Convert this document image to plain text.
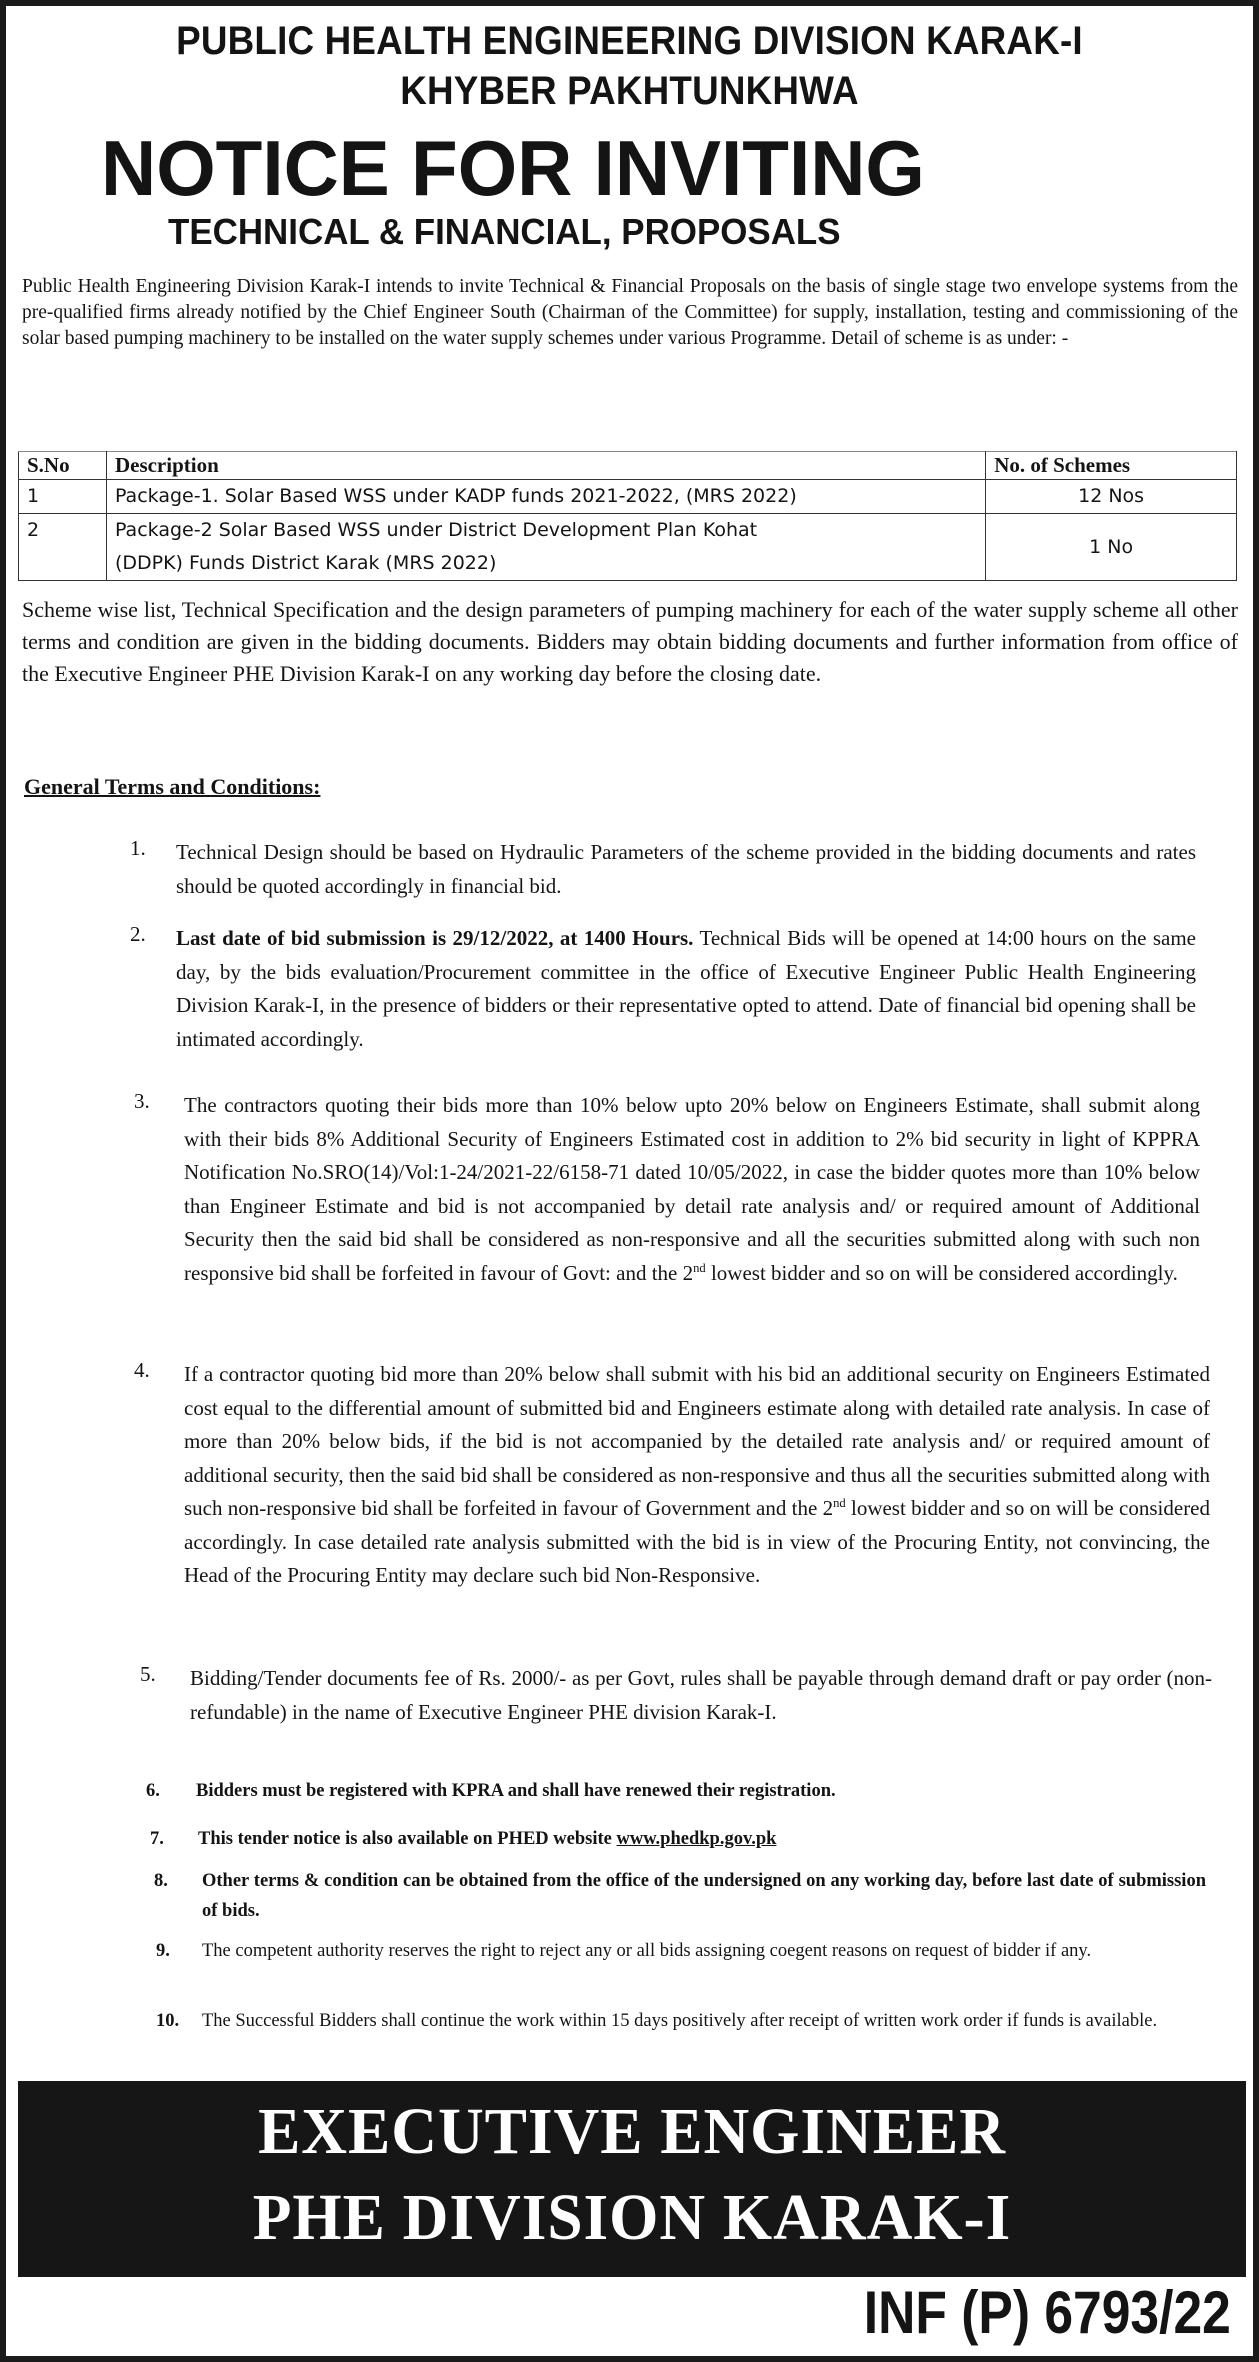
PUBLIC HEALTH ENGINEERING DIVISION KARAK-I
KHYBER PAKHTUNKHWA
NOTICE FOR INVITING
TECHNICAL & FINANCIAL, PROPOSALS

Public Health Engineering Division Karak-I intends to invite Technical & Financial Proposals on the basis of single stage two envelope systems from the pre-qualified firms already notified by the Chief Engineer South (Chairman of the Committee) for supply, installation, testing and commissioning of the solar based pumping machinery to be installed on the water supply schemes under various Programme. Detail of scheme is as under: -

S.No	Description	No. of Schemes
1	Package-1. Solar Based WSS under KADP funds 2021-2022, (MRS 2022)	12 Nos
2	Package-2 Solar Based WSS under District Development Plan Kohat (DDPK) Funds District Karak (MRS 2022)	1 No

Scheme wise list, Technical Specification and the design parameters of pumping machinery for each of the water supply scheme all other terms and condition are given in the bidding documents. Bidders may obtain bidding documents and further information from office of the Executive Engineer PHE Division Karak-I on any working day before the closing date.

General Terms and Conditions:
1. Technical Design should be based on Hydraulic Parameters of the scheme provided in the bidding documents and rates should be quoted accordingly in financial bid.
2. Last date of bid submission is 29/12/2022, at 1400 Hours. Technical Bids will be opened at 14:00 hours on the same day, by the bids evaluation/Procurement committee in the office of Executive Engineer Public Health Engineering Division Karak-I, in the presence of bidders or their representative opted to attend. Date of financial bid opening shall be intimated accordingly.
3. The contractors quoting their bids more than 10% below upto 20% below on Engineers Estimate, shall submit along with their bids 8% Additional Security of Engineers Estimated cost in addition to 2% bid security in light of KPPRA Notification No.SRO(14)/Vol:1-24/2021-22/6158-71 dated 10/05/2022, in case the bidder quotes more than 10% below than Engineer Estimate and bid is not accompanied by detail rate analysis and/ or required amount of Additional Security then the said bid shall be considered as non-responsive and all the securities submitted along with such non responsive bid shall be forfeited in favour of Govt: and the 2nd lowest bidder and so on will be considered accordingly.
4. If a contractor quoting bid more than 20% below shall submit with his bid an additional security on Engineers Estimated cost equal to the differential amount of submitted bid and Engineers estimate along with detailed rate analysis. In case of more than 20% below bids, if the bid is not accompanied by the detailed rate analysis and/ or required amount of additional security, then the said bid shall be considered as non-responsive and thus all the securities submitted along with such non-responsive bid shall be forfeited in favour of Government and the 2nd lowest bidder and so on will be considered accordingly. In case detailed rate analysis submitted with the bid is in view of the Procuring Entity, not convincing, the Head of the Procuring Entity may declare such bid Non-Responsive.
5. Bidding/Tender documents fee of Rs. 2000/- as per Govt, rules shall be payable through demand draft or pay order (non-refundable) in the name of Executive Engineer PHE division Karak-I.
6. Bidders must be registered with KPRA and shall have renewed their registration.
7. This tender notice is also available on PHED website www.phedkp.gov.pk
8. Other terms & condition can be obtained from the office of the undersigned on any working day, before last date of submission of bids.
9. The competent authority reserves the right to reject any or all bids assigning coegent reasons on request of bidder if any.
10. The Successful Bidders shall continue the work within 15 days positively after receipt of written work order if funds is available.
EXECUTIVE ENGINEER
PHE DIVISION KARAK-I
INF (P) 6793/22
